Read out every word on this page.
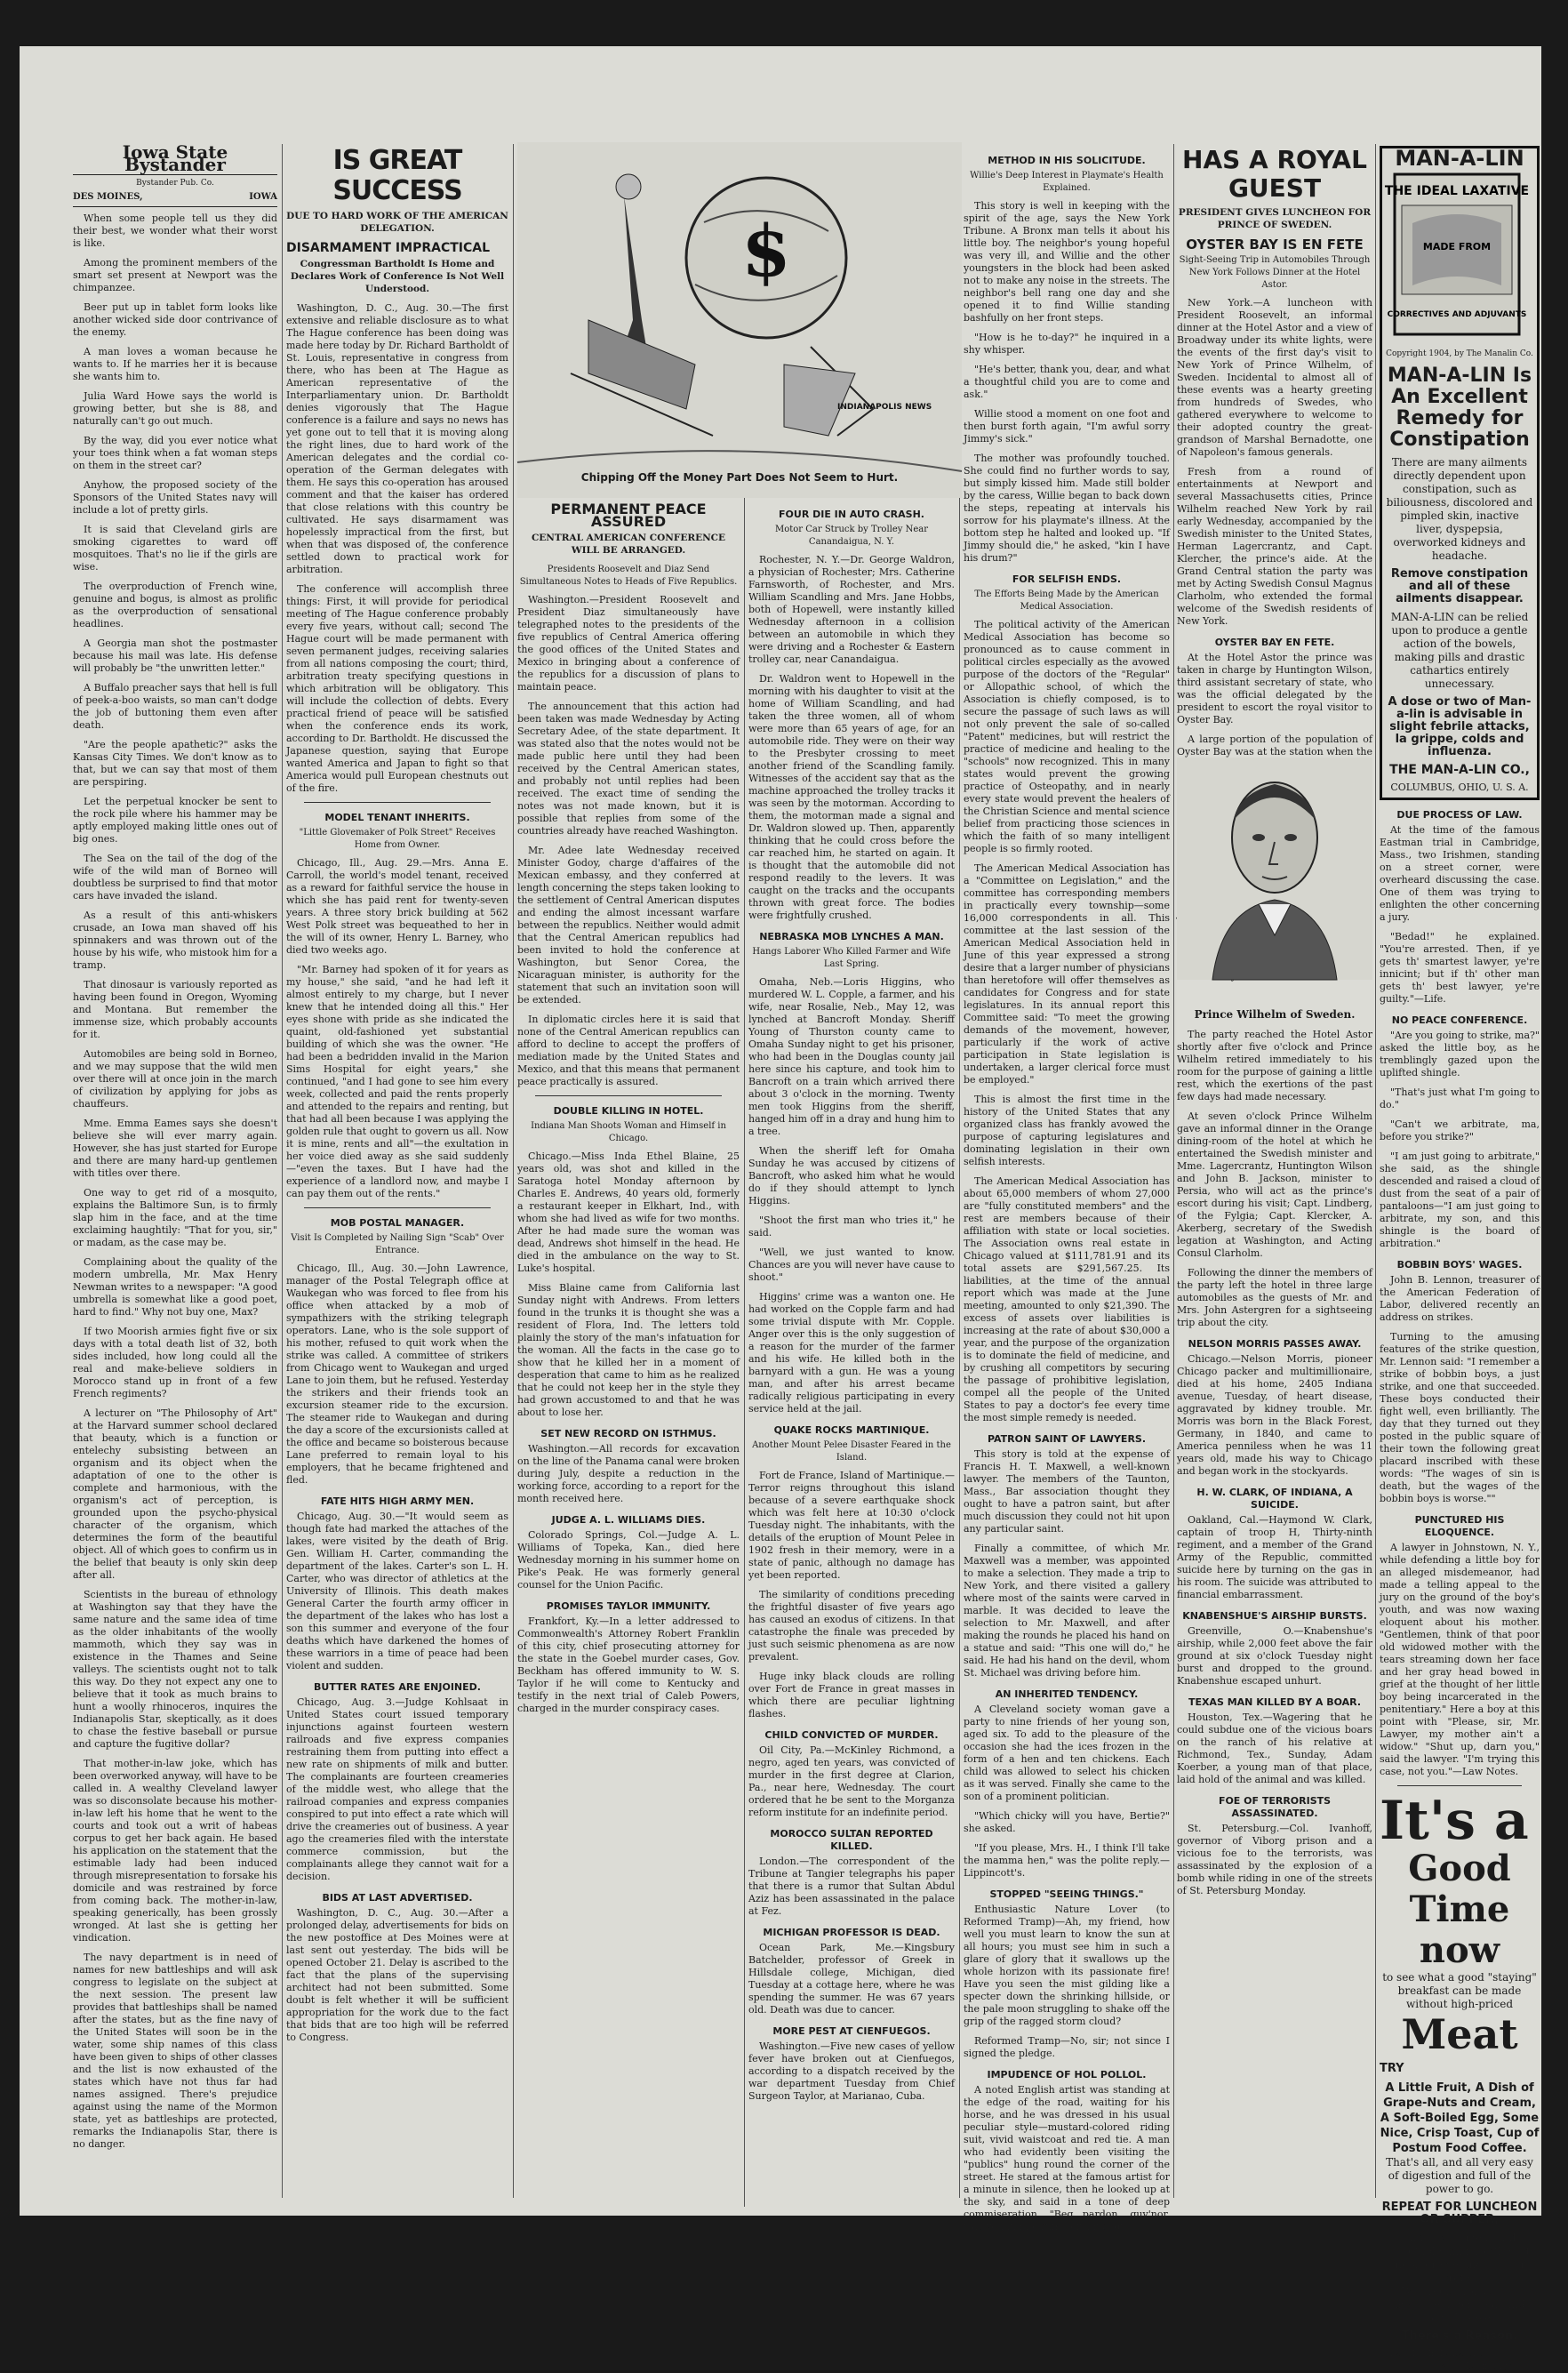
Iowa State Bystander
Bystander Pub. Co.
DES MOINES,	IOWA

When some people tell us they did their best, we wonder what their worst is like.

Among the prominent members of the smart set present at Newport was the chimpanzee.

Beer put up in tablet form looks like another wicked side door contrivance of the enemy.

A man loves a woman because he wants to. If he marries her it is because she wants him to.

Julia Ward Howe says the world is growing better, but she is 88, and naturally can't go out much.

By the way, did you ever notice what your toes think when a fat woman steps on them in the street car?

Anyhow, the proposed society of the Sponsors of the United States navy will include a lot of pretty girls.

It is said that Cleveland girls are smoking cigarettes to ward off mosquitoes. That's no lie if the girls are wise.

The overproduction of French wine, genuine and bogus, is almost as prolific as the overproduction of sensational headlines.

A Georgia man shot the postmaster because his mail was late. His defense will probably be "the unwritten letter."

A Buffalo preacher says that hell is full of peek-a-boo waists, so man can't dodge the job of buttoning them even after death.

"Are the people apathetic?" asks the Kansas City Times. We don't know as to that, but we can say that most of them are perspiring.

Let the perpetual knocker be sent to the rock pile where his hammer may be aptly employed making little ones out of big ones.

The Sea on the tail of the dog of the wife of the wild man of Borneo will doubtless be surprised to find that motor cars have invaded the island.

As a result of this anti-whiskers crusade, an Iowa man shaved off his spinnakers and was thrown out of the house by his wife, who mistook him for a tramp.

That dinosaur is variously reported as having been found in Oregon, Wyoming and Montana. But remember the immense size, which probably accounts for it.

Automobiles are being sold in Borneo, and we may suppose that the wild men over there will at once join in the march of civilization by applying for jobs as chauffeurs.

Mme. Emma Eames says she doesn't believe she will ever marry again. However, she has just started for Europe and there are many hard-up gentlemen with titles over there.

One way to get rid of a mosquito, explains the Baltimore Sun, is to firmly slap him in the face, and at the time exclaiming haughtily: "That for you, sir," or madam, as the case may be.

Complaining about the quality of the modern umbrella, Mr. Max Henry Newman writes to a newspaper: "A good umbrella is somewhat like a good poet, hard to find." Why not buy one, Max?

If two Moorish armies fight five or six days with a total death list of 32, both sides included, how long could all the real and make-believe soldiers in Morocco stand up in front of a few French regiments?

A lecturer on "The Philosophy of Art" at the Harvard summer school declared that beauty, which is a function or entelechy subsisting between an organism and its object when the adaptation of one to the other is complete and harmonious, with the organism's act of perception, is grounded upon the psycho-physical character of the organism, which determines the form of the beautiful object. All of which goes to confirm us in the belief that beauty is only skin deep after all.

Scientists in the bureau of ethnology at Washington say that they have the same nature and the same idea of time as the older inhabitants of the woolly mammoth, which they say was in existence in the Thames and Seine valleys. The scientists ought not to talk this way. Do they not expect any one to believe that it took as much brains to hunt a woolly rhinoceros, inquires the Indianapolis Star, skeptically, as it does to chase the festive baseball or pursue and capture the fugitive dollar?

That mother-in-law joke, which has been overworked anyway, will have to be called in. A wealthy Cleveland lawyer was so disconsolate because his mother-in-law left his home that he went to the courts and took out a writ of habeas corpus to get her back again. He based his application on the statement that the estimable lady had been induced through misrepresentation to forsake his domicile and was restrained by force from coming back. The mother-in-law, speaking generically, has been grossly wronged. At last she is getting her vindication.

The navy department is in need of names for new battleships and will ask congress to legislate on the subject at the next session. The present law provides that battleships shall be named after the states, but as the fine navy of the United States will soon be in the water, some ship names of this class have been given to ships of other classes and the list is now exhausted of the states which have not thus far had names assigned. There's prejudice against using the name of the Mormon state, yet as battleships are protected, remarks the Indianapolis Star, there is no danger.

IS GREAT SUCCESS
DUE TO HARD WORK OF THE AMERICAN DELEGATION.
DISARMAMENT IMPRACTICAL
Congressman Bartholdt Is Home and Declares Work of Conference Is Not Well Understood.

Washington, D. C., Aug. 30.—The first extensive and reliable disclosure as to what The Hague conference has been doing was made here today by Dr. Richard Bartholdt of St. Louis, representative in congress from there, who has been at The Hague as American representative of the Interparliamentary union. Dr. Bartholdt denies vigorously that The Hague conference is a failure and says no news has yet gone out to tell that it is moving along the right lines, due to hard work of the American delegates and the cordial co-operation of the German delegates with them. He says this co-operation has aroused comment and that the kaiser has ordered that close relations with this country be cultivated. He says disarmament was hopelessly impractical from the first, but when that was disposed of, the conference settled down to practical work for arbitration.

The conference will accomplish three things: First, it will provide for periodical meeting of The Hague conference probably every five years, without call; second The Hague court will be made permanent with seven permanent judges, receiving salaries from all nations composing the court; third, arbitration treaty specifying questions in which arbitration will be obligatory. This will include the collection of debts. Every practical friend of peace will be satisfied when the conference ends its work, according to Dr. Bartholdt. He discussed the Japanese question, saying that Europe wanted America and Japan to fight so that America would pull European chestnuts out of the fire.

MODEL TENANT INHERITS.
"Little Glovemaker of Polk Street" Receives Home from Owner.

Chicago, Ill., Aug. 29.—Mrs. Anna E. Carroll, the world's model tenant, received as a reward for faithful service the house in which she has paid rent for twenty-seven years. A three story brick building at 562 West Polk street was bequeathed to her in the will of its owner, Henry L. Barney, who died two weeks ago.

"Mr. Barney had spoken of it for years as my house," she said, "and he had left it almost entirely to my charge, but I never knew that he intended doing all this." Her eyes shone with pride as she indicated the quaint, old-fashioned yet substantial building of which she was the owner. "He had been a bedridden invalid in the Marion Sims Hospital for eight years," she continued, "and I had gone to see him every week, collected and paid the rents properly and attended to the repairs and renting, but that had all been because I was applying the golden rule that ought to govern us all. Now it is mine, rents and all"—the exultation in her voice died away as she said suddenly —"even the taxes. But I have had the experience of a landlord now, and maybe I can pay them out of the rents."

MOB POSTAL MANAGER.
Visit Is Completed by Nailing Sign "Scab" Over Entrance.

Chicago, Ill., Aug. 30.—John Lawrence, manager of the Postal Telegraph office at Waukegan who was forced to flee from his office when attacked by a mob of sympathizers with the striking telegraph operators. Lane, who is the sole support of his mother, refused to quit work when the strike was called. A committee of strikers from Chicago went to Waukegan and urged Lane to join them, but he refused. Yesterday the strikers and their friends took an excursion steamer ride to the excursion. The steamer ride to Waukegan and during the day a score of the excursionists called at the office and became so boisterous because Lane preferred to remain loyal to his employers, that he became frightened and fled.

FATE HITS HIGH ARMY MEN.

Chicago, Aug. 30.—"It would seem as though fate had marked the attaches of the lakes, were visited by the death of Brig. Gen. William H. Carter, commanding the department of the lakes. Carter's son L. H. Carter, who was director of athletics at the University of Illinois. This death makes General Carter the fourth army officer in the department of the lakes who has lost a son this summer and everyone of the four deaths which have darkened the homes of these warriors in a time of peace had been violent and sudden.

BUTTER RATES ARE ENJOINED.

Chicago, Aug. 3.—Judge Kohlsaat in United States court issued temporary injunctions against fourteen western railroads and five express companies restraining them from putting into effect a new rate on shipments of milk and butter. The complainants are fourteen creameries of the middle west, who allege that the railroad companies and express companies conspired to put into effect a rate which will drive the creameries out of business. A year ago the creameries filed with the interstate commerce commission, but the complainants allege they cannot wait for a decision.

BIDS AT LAST ADVERTISED.

Washington, D. C., Aug. 30.—After a prolonged delay, advertisements for bids on the new postoffice at Des Moines were at last sent out yesterday. The bids will be opened October 21. Delay is ascribed to the fact that the plans of the supervising architect had not been submitted. Some doubt is felt whether it will be sufficient appropriation for the work due to the fact that bids that are too high will be referred to Congress.

$
INDIANAPOLIS NEWS
Chipping Off the Money Part Does Not Seem to Hurt.
PERMANENT PEACE ASSURED
CENTRAL AMERICAN CONFERENCE WILL BE ARRANGED.
Presidents Roosevelt and Diaz Send Simultaneous Notes to Heads of Five Republics.

Washington.—President Roosevelt and President Diaz simultaneously have telegraphed notes to the presidents of the five republics of Central America offering the good offices of the United States and Mexico in bringing about a conference of the republics for a discussion of plans to maintain peace.

The announcement that this action had been taken was made Wednesday by Acting Secretary Adee, of the state department. It was stated also that the notes would not be made public here until they had been received by the Central American states, and probably not until replies had been received. The exact time of sending the notes was not made known, but it is possible that replies from some of the countries already have reached Washington.

Mr. Adee late Wednesday received Minister Godoy, charge d'affaires of the Mexican embassy, and they conferred at length concerning the steps taken looking to the settlement of Central American disputes and ending the almost incessant warfare between the republics. Neither would admit that the Central American republics had been invited to hold the conference at Washington, but Senor Corea, the Nicaraguan minister, is authority for the statement that such an invitation soon will be extended.

In diplomatic circles here it is said that none of the Central American republics can afford to decline to accept the proffers of mediation made by the United States and Mexico, and that this means that permanent peace practically is assured.

DOUBLE KILLING IN HOTEL.
Indiana Man Shoots Woman and Himself in Chicago.

Chicago.—Miss Inda Ethel Blaine, 25 years old, was shot and killed in the Saratoga hotel Monday afternoon by Charles E. Andrews, 40 years old, formerly a restaurant keeper in Elkhart, Ind., with whom she had lived as wife for two months. After he had made sure the woman was dead, Andrews shot himself in the head. He died in the ambulance on the way to St. Luke's hospital.

Miss Blaine came from California last Sunday night with Andrews. From letters found in the trunks it is thought she was a resident of Flora, Ind. The letters told plainly the story of the man's infatuation for the woman. All the facts in the case go to show that he killed her in a moment of desperation that came to him as he realized that he could not keep her in the style they had grown accustomed to and that he was about to lose her.

SET NEW RECORD ON ISTHMUS.

Washington.—All records for excavation on the line of the Panama canal were broken during July, despite a reduction in the working force, according to a report for the month received here.

JUDGE A. L. WILLIAMS DIES.

Colorado Springs, Col.—Judge A. L. Williams of Topeka, Kan., died here Wednesday morning in his summer home on Pike's Peak. He was formerly general counsel for the Union Pacific.

PROMISES TAYLOR IMMUNITY.

Frankfort, Ky.—In a letter addressed to Commonwealth's Attorney Robert Franklin of this city, chief prosecuting attorney for the state in the Goebel murder cases, Gov. Beckham has offered immunity to W. S. Taylor if he will come to Kentucky and testify in the next trial of Caleb Powers, charged in the murder conspiracy cases.

FOUR DIE IN AUTO CRASH.
Motor Car Struck by Trolley Near Canandaigua, N. Y.

Rochester, N. Y.—Dr. George Waldron, a physician of Rochester; Mrs. Catherine Farnsworth, of Rochester, and Mrs. William Scandling and Mrs. Jane Hobbs, both of Hopewell, were instantly killed Wednesday afternoon in a collision between an automobile in which they were driving and a Rochester & Eastern trolley car, near Canandaigua.

Dr. Waldron went to Hopewell in the morning with his daughter to visit at the home of William Scandling, and had taken the three women, all of whom were more than 65 years of age, for an automobile ride. They were on their way to the Presbyter crossing to meet another friend of the Scandling family. Witnesses of the accident say that as the machine approached the trolley tracks it was seen by the motorman. According to them, the motorman made a signal and Dr. Waldron slowed up. Then, apparently thinking that he could cross before the car reached him, he started on again. It is thought that the automobile did not respond readily to the levers. It was caught on the tracks and the occupants thrown with great force. The bodies were frightfully crushed.

NEBRASKA MOB LYNCHES A MAN.
Hangs Laborer Who Killed Farmer and Wife Last Spring.

Omaha, Neb.—Loris Higgins, who murdered W. L. Copple, a farmer, and his wife, near Rosalie, Neb., May 12, was lynched at Bancroft Monday. Sheriff Young of Thurston county came to Omaha Sunday night to get his prisoner, who had been in the Douglas county jail here since his capture, and took him to Bancroft on a train which arrived there about 3 o'clock in the morning. Twenty men took Higgins from the sheriff, hanged him off in a dray and hung him to a tree.

When the sheriff left for Omaha Sunday he was accused by citizens of Bancroft, who asked him what he would do if they should attempt to lynch Higgins.

"Shoot the first man who tries it," he said.

"Well, we just wanted to know. Chances are you will never have cause to shoot."

Higgins' crime was a wanton one. He had worked on the Copple farm and had some trivial dispute with Mr. Copple. Anger over this is the only suggestion of a reason for the murder of the farmer and his wife. He killed both in the barnyard with a gun. He was a young man, and after his arrest became radically religious participating in every service held at the jail.

QUAKE ROCKS MARTINIQUE.
Another Mount Pelee Disaster Feared in the Island.

Fort de France, Island of Martinique.—Terror reigns throughout this island because of a severe earthquake shock which was felt here at 10:30 o'clock Tuesday night. The inhabitants, with the details of the eruption of Mount Pelee in 1902 fresh in their memory, were in a state of panic, although no damage has yet been reported.

The similarity of conditions preceding the frightful disaster of five years ago has caused an exodus of citizens. In that catastrophe the finale was preceded by just such seismic phenomena as are now prevalent.

Huge inky black clouds are rolling over Fort de France in great masses in which there are peculiar lightning flashes.

CHILD CONVICTED OF MURDER.

Oil City, Pa.—McKinley Richmond, a negro, aged ten years, was convicted of murder in the first degree at Clarion, Pa., near here, Wednesday. The court ordered that he be sent to the Morganza reform institute for an indefinite period.

MOROCCO SULTAN REPORTED KILLED.

London.—The correspondent of the Tribune at Tangier telegraphs his paper that there is a rumor that Sultan Abdul Aziz has been assassinated in the palace at Fez.

MICHIGAN PROFESSOR IS DEAD.

Ocean Park, Me.—Kingsbury Batchelder, professor of Greek in Hillsdale college, Michigan, died Tuesday at a cottage here, where he was spending the summer. He was 67 years old. Death was due to cancer.

MORE PEST AT CIENFUEGOS.

Washington.—Five new cases of yellow fever have broken out at Cienfuegos, according to a dispatch received by the war department Tuesday from Chief Surgeon Taylor, at Marianao, Cuba.

METHOD IN HIS SOLICITUDE.
Willie's Deep Interest in Playmate's Health Explained.

This story is well in keeping with the spirit of the age, says the New York Tribune. A Bronx man tells it about his little boy. The neighbor's young hopeful was very ill, and Willie and the other youngsters in the block had been asked not to make any noise in the streets. The neighbor's bell rang one day and she opened it to find Willie standing bashfully on her front steps.

"How is he to-day?" he inquired in a shy whisper.

"He's better, thank you, dear, and what a thoughtful child you are to come and ask."

Willie stood a moment on one foot and then burst forth again, "I'm awful sorry Jimmy's sick."

The mother was profoundly touched. She could find no further words to say, but simply kissed him. Made still bolder by the caress, Willie began to back down the steps, repeating at intervals his sorrow for his playmate's illness. At the bottom step he halted and looked up. "If Jimmy should die," he asked, "kin I have his drum?"

FOR SELFISH ENDS.
The Efforts Being Made by the American Medical Association.

The political activity of the American Medical Association has become so pronounced as to cause comment in political circles especially as the avowed purpose of the doctors of the "Regular" or Allopathic school, of which the Association is chiefly composed, is to secure the passage of such laws as will not only prevent the sale of so-called "Patent" medicines, but will restrict the practice of medicine and healing to the "schools" now recognized. This in many states would prevent the growing practice of Osteopathy, and in nearly every state would prevent the healers of the Christian Science and mental science belief from practicing those sciences in which the faith of so many intelligent people is so firmly rooted.

The American Medical Association has a "Committee on Legislation," and the committee has corresponding members in practically every township—some 16,000 correspondents in all. This committee at the last session of the American Medical Association held in June of this year expressed a strong desire that a larger number of physicians than heretofore will offer themselves as candidates for Congress and for state legislatures. In its annual report this Committee said: "To meet the growing demands of the movement, however, particularly if the work of active participation in State legislation is undertaken, a larger clerical force must be employed."

This is almost the first time in the history of the United States that any organized class has frankly avowed the purpose of capturing legislatures and dominating legislation in their own selfish interests.

The American Medical Association has about 65,000 members of whom 27,000 are "fully constituted members" and the rest are members because of their affiliation with state or local societies. The Association owns real estate in Chicago valued at $111,781.91 and its total assets are $291,567.25. Its liabilities, at the time of the annual report which was made at the June meeting, amounted to only $21,390. The excess of assets over liabilities is increasing at the rate of about $30,000 a year, and the purpose of the organization is to dominate the field of medicine, and by crushing all competitors by securing the passage of prohibitive legislation, compel all the people of the United States to pay a doctor's fee every time the most simple remedy is needed.

PATRON SAINT OF LAWYERS.

This story is told at the expense of Francis H. T. Maxwell, a well-known lawyer. The members of the Taunton, Mass., Bar association thought they ought to have a patron saint, but after much discussion they could not hit upon any particular saint.

Finally a committee, of which Mr. Maxwell was a member, was appointed to make a selection. They made a trip to New York, and there visited a gallery where most of the saints were carved in marble. It was decided to leave the selection to Mr. Maxwell, and after making the rounds he placed his hand on a statue and said: "This one will do," he said. He had his hand on the devil, whom St. Michael was driving before him.

AN INHERITED TENDENCY.

A Cleveland society woman gave a party to nine friends of her young son, aged six. To add to the pleasure of the occasion she had the ices frozen in the form of a hen and ten chickens. Each child was allowed to select his chicken as it was served. Finally she came to the son of a prominent politician.

"Which chicky will you have, Bertie?" she asked.

"If you please, Mrs. H., I think I'll take the mamma hen," was the polite reply.—Lippincott's.

STOPPED "SEEING THINGS."

Enthusiastic Nature Lover (to Reformed Tramp)—Ah, my friend, how well you must learn to know the sun at all hours; you must see him in such a glare of glory that it swallows up the whole horizon with its passionate fire! Have you seen the mist gilding like a specter down the shrinking hillside, or the pale moon struggling to shake off the grip of the ragged storm cloud?

Reformed Tramp—No, sir; not since I signed the pledge.

IMPUDENCE OF HOL POLLOL.

A noted English artist was standing at the edge of the road, waiting for his horse, and he was dressed in his usual peculiar style—mustard-colored riding suit, vivid waistcoat and red tie. A man who had evidently been visiting the "publics" hung round the corner of the street. He stared at the famous artist for a minute in silence, then he looked up at the sky, and said in a tone of deep commiseration, "Beg pardon, guv'nor, was you in mournin' for anybody?"

HAS A ROYAL GUEST
PRESIDENT GIVES LUNCHEON FOR PRINCE OF SWEDEN.
OYSTER BAY IS EN FETE
Sight-Seeing Trip in Automobiles Through New York Follows Dinner at the Hotel Astor.

New York.—A luncheon with President Roosevelt, an informal dinner at the Hotel Astor and a view of Broadway under its white lights, were the events of the first day's visit to New York of Prince Wilhelm, of Sweden. Incidental to almost all of these events was a hearty greeting from hundreds of Swedes, who gathered everywhere to welcome to their adopted country the great-grandson of Marshal Bernadotte, one of Napoleon's famous generals.

Fresh from a round of entertainments at Newport and several Massachusetts cities, Prince Wilhelm reached New York by rail early Wednesday, accompanied by the Swedish minister to the United States, Herman Lagercrantz, and Capt. Klercher, the prince's aide. At the Grand Central station the party was met by Acting Swedish Consul Magnus Clarholm, who extended the formal welcome of the Swedish residents of New York.

OYSTER BAY EN FETE.

At the Hotel Astor the prince was taken in charge by Huntington Wilson, third assistant secretary of state, who was the official delegated by the president to escort the royal visitor to Oyster Bay.

A large portion of the population of Oyster Bay was at the station when the

Prince Wilhelm of Sweden.

The party reached the Hotel Astor shortly after five o'clock and Prince Wilhelm retired immediately to his room for the purpose of gaining a little rest, which the exertions of the past few days had made necessary.

At seven o'clock Prince Wilhelm gave an informal dinner in the Orange dining-room of the hotel at which he entertained the Swedish minister and Mme. Lagercrantz, Huntington Wilson and John B. Jackson, minister to Persia, who will act as the prince's escort during his visit; Capt. Lindberg, of the Fylgia; Capt. Klercker, A. Akerberg, secretary of the Swedish legation at Washington, and Acting Consul Clarholm.

Following the dinner the members of the party left the hotel in three large automobiles as the guests of Mr. and Mrs. John Astergren for a sightseeing trip about the city.

NELSON MORRIS PASSES AWAY.

Chicago.—Nelson Morris, pioneer Chicago packer and multimillionaire, died at his home, 2405 Indiana avenue, Tuesday, of heart disease, aggravated by kidney trouble. Mr. Morris was born in the Black Forest, Germany, in 1840, and came to America penniless when he was 11 years old, made his way to Chicago and began work in the stockyards.

H. W. CLARK, OF INDIANA, A SUICIDE.

Oakland, Cal.—Haymond W. Clark, captain of troop H, Thirty-ninth regiment, and a member of the Grand Army of the Republic, committed suicide here by turning on the gas in his room. The suicide was attributed to financial embarrassment.

KNABENSHUE'S AIRSHIP BURSTS.

Greenville, O.—Knabenshue's airship, while 2,000 feet above the fair ground at six o'clock Tuesday night burst and dropped to the ground. Knabenshue escaped unhurt.

TEXAS MAN KILLED BY A BOAR.

Houston, Tex.—Wagering that he could subdue one of the vicious boars on the ranch of his relative at Richmond, Tex., Sunday, Adam Koerber, a young man of that place, laid hold of the animal and was killed.

FOE OF TERRORISTS ASSASSINATED.

St. Petersburg.—Col. Ivanhoff, governor of Viborg prison and a vicious foe to the terrorists, was assassinated by the explosion of a bomb while riding in one of the streets of St. Petersburg Monday.

MAN-A-LIN
THE IDEAL LAXATIVE
MADE FROM
CORRECTIVES AND ADJUVANTS
Copyright 1904, by The Manalin Co.
MAN-A-LIN Is An Excellent Remedy for Constipation
There are many ailments directly dependent upon constipation, such as biliousness, discolored and pimpled skin, inactive liver, dyspepsia, overworked kidneys and headache.
Remove constipation and all of these ailments disappear.
MAN-A-LIN can be relied upon to produce a gentle action of the bowels, making pills and drastic cathartics entirely unnecessary.
A dose or two of Man-a-lin is advisable in slight febrile attacks, la grippe, colds and influenza.
THE MAN-A-LIN CO.,
COLUMBUS, OHIO, U. S. A.
DUE PROCESS OF LAW.

At the time of the famous Eastman trial in Cambridge, Mass., two Irishmen, standing on a street corner, were overheard discussing the case. One of them was trying to enlighten the other concerning a jury.

"Bedad!" he explained. "You're arrested. Then, if ye gets th' smartest lawyer, ye're innicint; but if th' other man gets th' best lawyer, ye're guilty."—Life.

NO PEACE CONFERENCE.

"Are you going to strike, ma?" asked the little boy, as he tremblingly gazed upon the uplifted shingle.

"That's just what I'm going to do."

"Can't we arbitrate, ma, before you strike?"

"I am just going to arbitrate," she said, as the shingle descended and raised a cloud of dust from the seat of a pair of pantaloons—"I am just going to arbitrate, my son, and this shingle is the board of arbitration."

BOBBIN BOYS' WAGES.

John B. Lennon, treasurer of the American Federation of Labor, delivered recently an address on strikes.

Turning to the amusing features of the strike question, Mr. Lennon said: "I remember a strike of bobbin boys, a just strike, and one that succeeded. These boys conducted their fight well, even brilliantly. The day that they turned out they posted in the public square of their town the following great placard inscribed with these words: "The wages of sin is death, but the wages of the bobbin boys is worse.""

PUNCTURED HIS ELOQUENCE.

A lawyer in Johnstown, N. Y., while defending a little boy for an alleged misdemeanor, had made a telling appeal to the jury on the ground of the boy's youth, and was now waxing eloquent about his mother. "Gentlemen, think of that poor old widowed mother with the tears streaming down her face and her gray head bowed in grief at the thought of her little boy being incarcerated in the penitentiary." Here a boy at this point with "Please, sir, Mr. Lawyer, my mother ain't a widow." "Shut up, darn you," said the lawyer. "I'm trying this case, not you."—Law Notes.

It's a
Good
Time now
to see what a good "staying" breakfast can be made without high-priced
Meat
TRY
A Little Fruit, A Dish of Grape-Nuts and Cream, A Soft-Boiled Egg, Some Nice, Crisp Toast, Cup of Postum Food Coffee.
That's all, and all very easy of digestion and full of the power to go.
REPEAT FOR LUNCHEON OR SUPPER,
and have a meat and vegetable dinner either at noon or evening, as you prefer.
We predict for you an increase in physical and mental power.
"There's a Reason."
Read the "little health classic," "The Road to Wellville," in pkgs.
